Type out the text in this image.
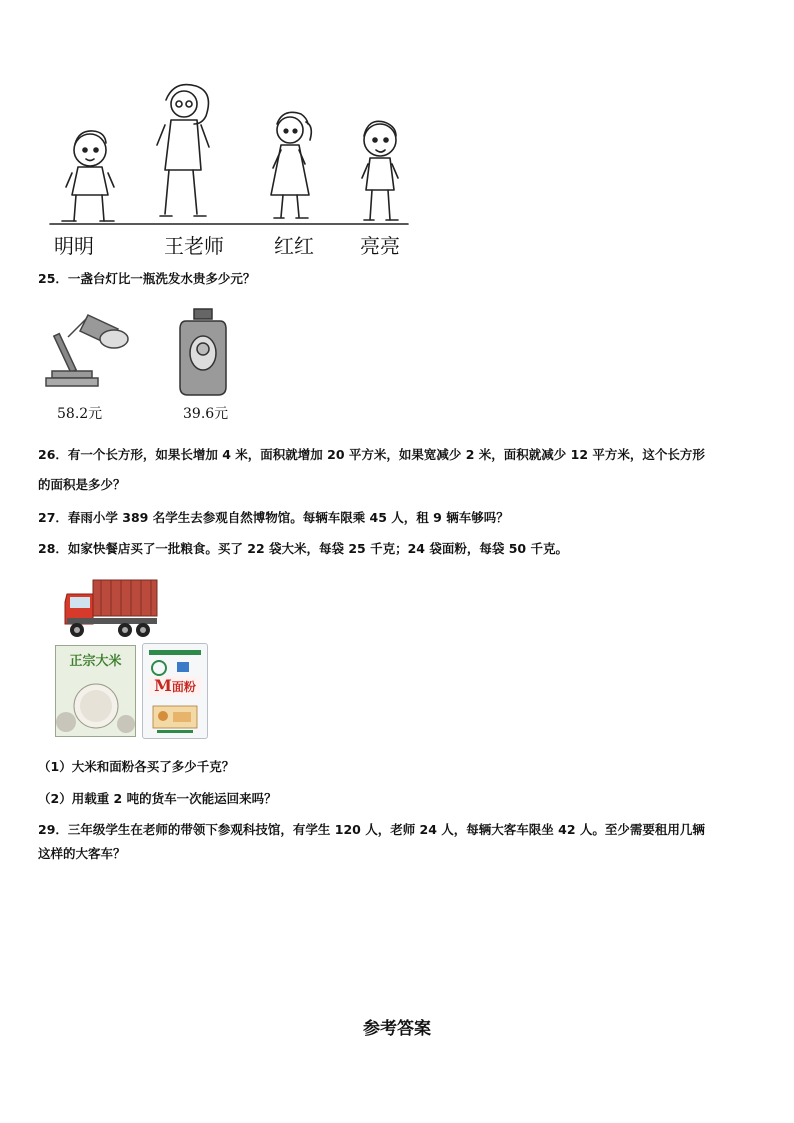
明明	王老师	红红 亮亮
25．一盏台灯比一瓶洗发水贵多少元？
58.2元	39.6元
26．有一个长方形，如果长增加 4 米，面积就增加 20 平方米，如果宽减少 2 米，面积就减少 12 平方米，这个长方形
的面积是多少？
27．春雨小学 389 名学生去参观自然博物馆。每辆车限乘 45 人，租 9 辆车够吗？
28．如家快餐店买了一批粮食。买了 22 袋大米，每袋 25 千克；24 袋面粉，每袋 50 千克。
正宗大米
M面粉
（1）大米和面粉各买了多少千克？
（2）用载重 2 吨的货车一次能运回来吗？
29．三年级学生在老师的带领下参观科技馆，有学生 120 人，老师 24 人，每辆大客车限坐 42 人。至少需要租用几辆
这样的大客车？
参考答案
